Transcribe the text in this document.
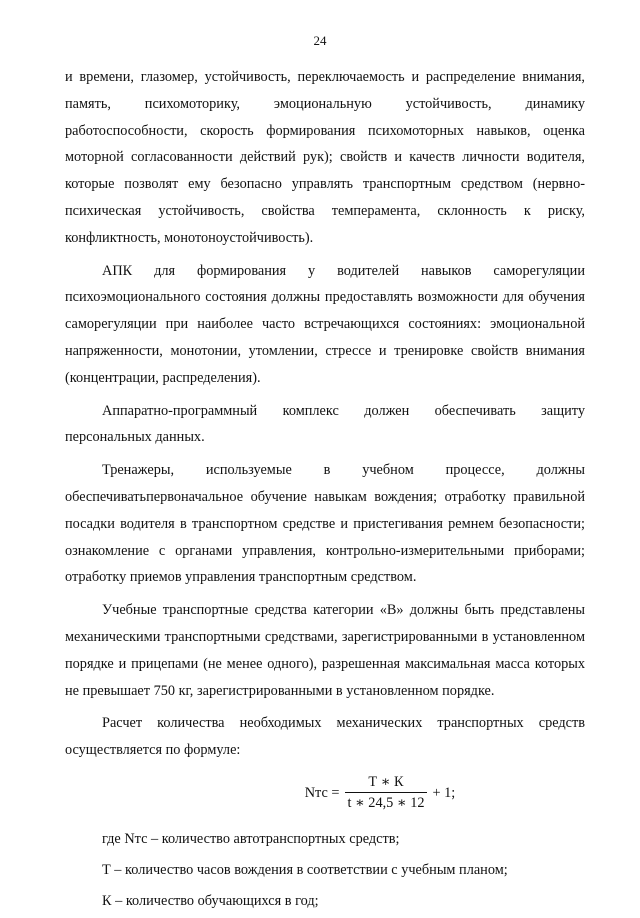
24
и времени, глазомер, устойчивость, переключаемость и распределение внимания, память, психомоторику, эмоциональную устойчивость, динамику работоспособности, скорость формирования психомоторных навыков, оценка моторной согласованности действий рук); свойств и качеств личности водителя, которые позволят ему безопасно управлять транспортным средством (нервно- психическая устойчивость, свойства темперамента, склонность к риску, конфликтность, монотоноустойчивость).
АПК для формирования у водителей навыков саморегуляции психоэмоционального состояния должны предоставлять возможности для обучения саморегуляции при наиболее часто встречающихся состояниях: эмоциональной напряженности, монотонии, утомлении, стрессе и тренировке свойств внимания (концентрации, распределения).
Аппаратно-программный комплекс должен обеспечивать защиту персональных данных.
Тренажеры, используемые в учебном процессе, должны обеспечиватьпервоначальное обучение навыкам вождения; отработку правильной посадки водителя в транспортном средстве и пристегивания ремнем безопасности; ознакомление с органами управления, контрольно-измерительными приборами; отработку приемов управления транспортным средством.
Учебные транспортные средства категории «В» должны быть представлены механическими транспортными средствами, зарегистрированными в установленном порядке и прицепами (не менее одного), разрешенная максимальная масса которых не превышает 750 кг, зарегистрированными в установленном порядке.
Расчет количества необходимых механических транспортных средств осуществляется по формуле:
Nтс = $\frac{Т ∗ К}{t ∗ 24,5 ∗ 12} + 1$;
где Nтс – количество автотранспортных средств;
Т – количество часов вождения в соответствии с учебным планом;
К – количество обучающихся в год;
